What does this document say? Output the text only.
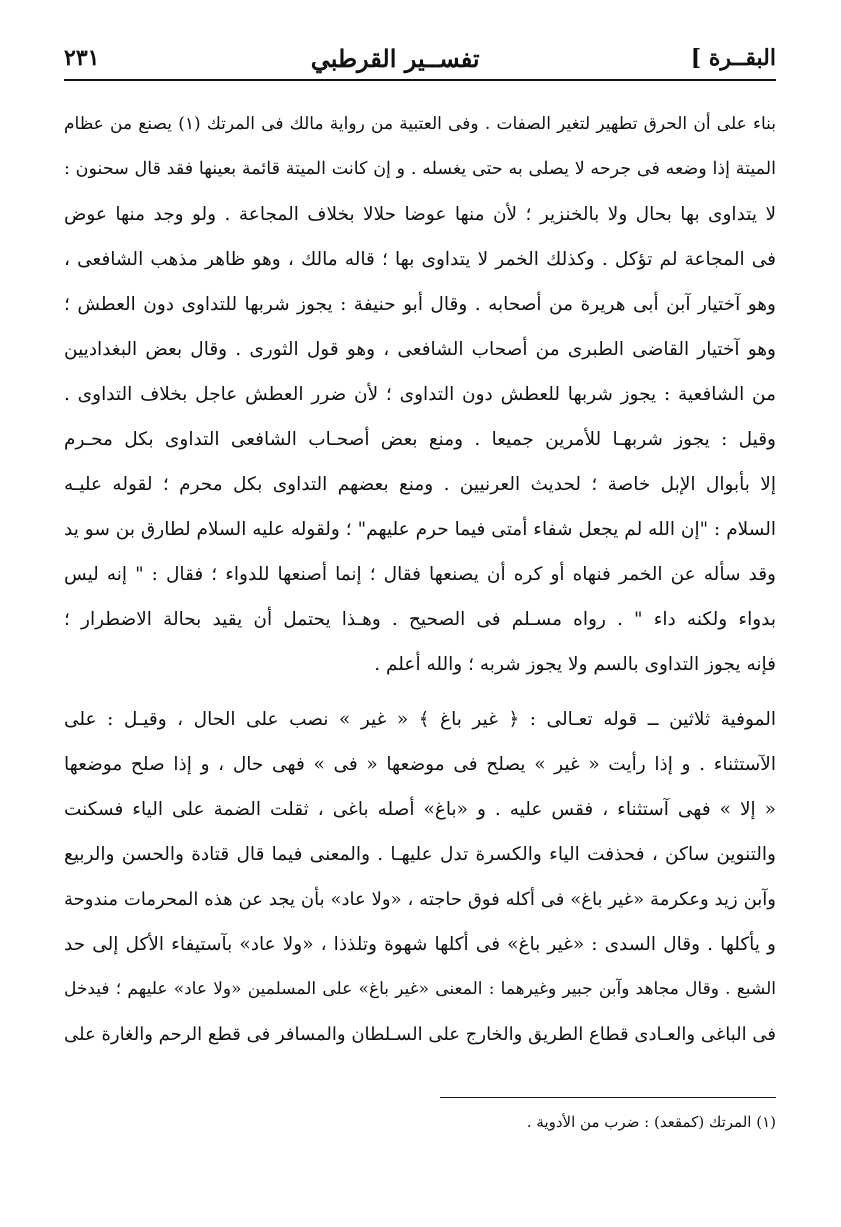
البقــرة ]
تفســير القرطبي
٢٣١
بناء على أن الحرق تطهير لتغير الصفات . وفى العتبية من رواية مالك فى المرتك (١) يصنع من عظام
الميتة إذا وضعه فى جرحه لا يصلى به حتى يغسله . و إن كانت الميتة قائمة بعينها فقد قال سحنون :
لا يتداوى بها بحال ولا بالخنزير ؛ لأن منها عوضا حلالا بخلاف المجاعة . ولو وجد منها عوض
فى المجاعة لم تؤكل . وكذلك الخمر لا يتداوى بها ؛ قاله مالك ، وهو ظاهر مذهب الشافعى ،
وهو آختيار آبن أبى هريرة من أصحابه . وقال أبو حنيفة : يجوز شربها للتداوى دون العطش ؛
وهو آختيار القاضى الطبرى من أصحاب الشافعى ، وهو قول الثورى . وقال بعض البغداديين
من الشافعية : يجوز شربها للعطش دون التداوى ؛ لأن ضرر العطش عاجل بخلاف التداوى .
وقيل : يجوز شربهـا للأمرين جميعا . ومنع بعض أصحـاب الشافعى التداوى بكل محـرم
إلا بأبوال الإبل خاصة ؛ لحديث العرنيين . ومنع بعضهم التداوى بكل محرم ؛ لقوله عليـه
السلام : "إن الله لم يجعل شفاء أمتى فيما حرم عليهم" ؛ ولقوله عليه السلام لطارق بن سو يد
وقد سأله عن الخمر فنهاه أو كره أن يصنعها فقال ؛ إنما أصنعها للدواء ؛ فقال : " إنه ليس
بدواء ولكنه داء " . رواه مسـلم فى الصحيح . وهـذا يحتمل أن يقيد بحالة الاضطرار ؛
فإنه يجوز التداوى بالسم ولا يجوز شربه ؛ والله أعلم .
الموفية ثلاثين ــ قوله تعـالى : ﴿ غير باغ ﴾ « غير » نصب على الحال ، وقيـل : على
الآستثناء . و إذا رأيت « غير » يصلح فى موضعها « فى » فهى حال ، و إذا صلح موضعها
« إلا » فهى آستثناء ، فقس عليه . و «باغ» أصله باغى ، ثقلت الضمة على الياء فسكنت
والتنوين ساكن ، فحذفت الياء والكسرة تدل عليهـا . والمعنى فيما قال قتادة والحسن والربيع
وآبن زيد وعكرمة «غير باغ» فى أكله فوق حاجته ، «ولا عاد» بأن يجد عن هذه المحرمات مندوحة
و يأكلها . وقال السدى : «غير باغ» فى أكلها شهوة وتلذذا ، «ولا عاد» بآستيفاء الأكل إلى حد
الشبع . وقال مجاهد وآبن جبير وغيرهما : المعنى «غير باغ» على المسلمين «ولا عاد» عليهم ؛ فيدخل
فى الباغى والعـادى قطاع الطريق والخارج على السـلطان والمسافر فى قطع الرحم والغارة على
(١) المرتك (كمقعد) : ضرب من الأدوية .
